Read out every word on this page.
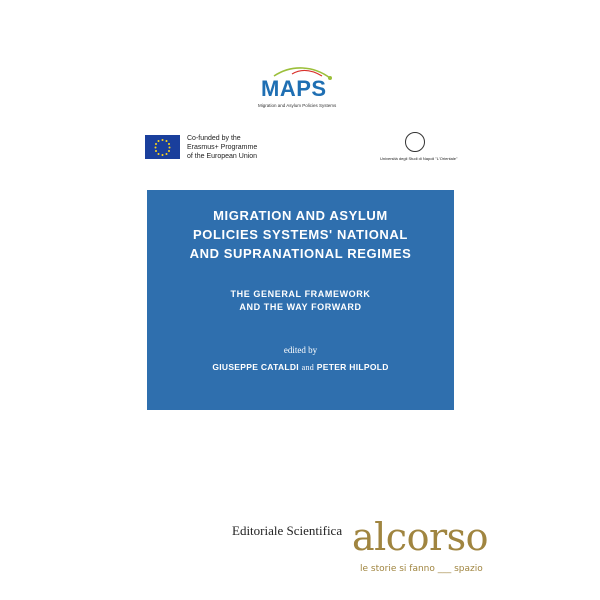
MAPS
Migration and Asylum Policies Systems
Co-funded by the
Erasmus+ Programme
of the European Union	Università degli Studi di Napoli "L'Orientale"
MIGRATION AND ASYLUM
POLICIES SYSTEMS' NATIONAL
AND SUPRANATIONAL REGIMES
THE GENERAL FRAMEWORK
AND THE WAY FORWARD
edited by
GIUSEPPE CATALDI and PETER HILPOLD
Editoriale Scientifica alcorso
le storie si fanno ___ spazio
